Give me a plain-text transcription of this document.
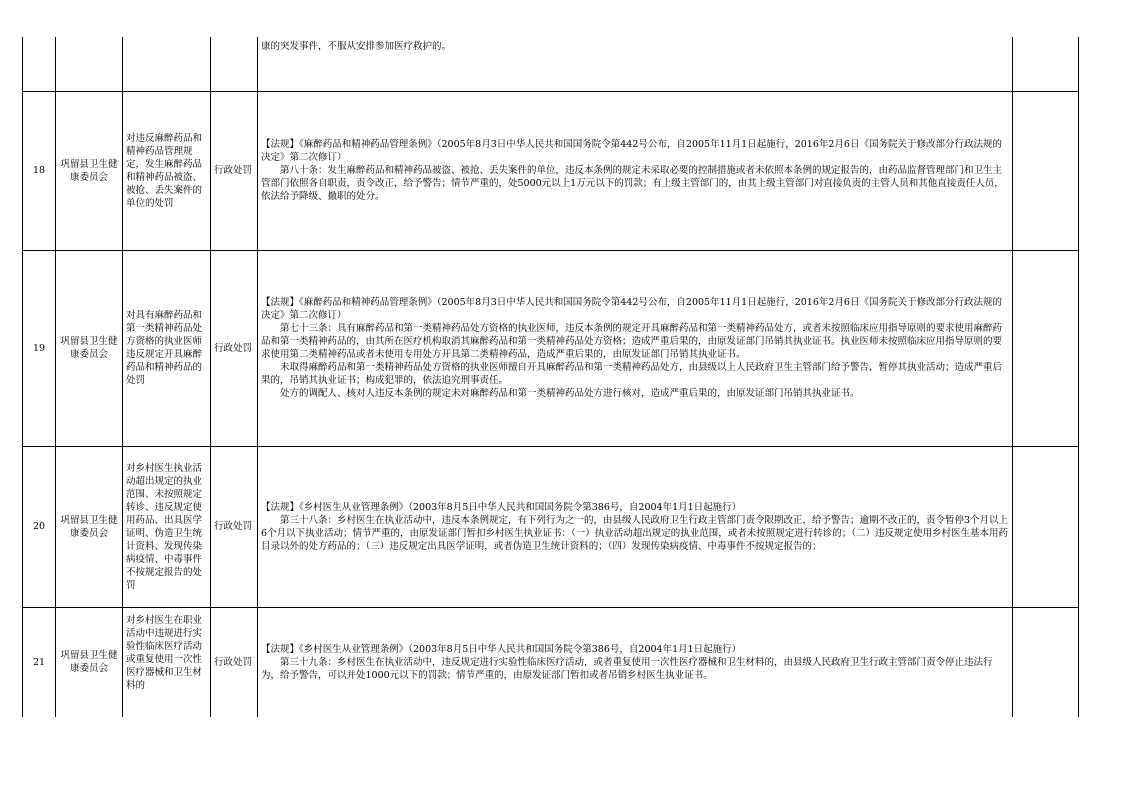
				康的突发事件，不服从安排参加医疗救护的。	

18	巩留县卫生健康委员会	对违反麻醉药品和精神药品管理规定，发生麻醉药品和精神药品被盗、被抢、丢失案件的单位的处罚	行政处罚	【法规】《麻醉药品和精神药品管理条例》（2005年8月3日中华人民共和国国务院令第442号公布，自2005年11月1日起施行，2016年2月6日《国务院关于修改部分行政法规的决定》第二次修订）
第八十条：发生麻醉药品和精神药品被盗、被抢、丢失案件的单位，违反本条例的规定未采取必要的控制措施或者未依照本条例的规定报告的，由药品监督管理部门和卫生主管部门依照各自职责，责令改正，给予警告；情节严重的，处5000元以上1万元以下的罚款；有上级主管部门的，由其上级主管部门对直接负责的主管人员和其他直接责任人员，依法给予降级、撤职的处分。	

19	巩留县卫生健康委员会	对具有麻醉药品和第一类精神药品处方资格的执业医师违反规定开具麻醉药品和精神药品的处罚	行政处罚	【法规】《麻醉药品和精神药品管理条例》（2005年8月3日中华人民共和国国务院令第442号公布，自2005年11月1日起施行，2016年2月6日《国务院关于修改部分行政法规的决定》第二次修订）
第七十三条：具有麻醉药品和第一类精神药品处方资格的执业医师，违反本条例的规定开具麻醉药品和第一类精神药品处方，或者未按照临床应用指导原则的要求使用麻醉药品和第一类精神药品的，由其所在医疗机构取消其麻醉药品和第一类精神药品处方资格；造成严重后果的，由原发证部门吊销其执业证书。执业医师未按照临床应用指导原则的要求使用第二类精神药品或者未使用专用处方开具第二类精神药品，造成严重后果的，由原发证部门吊销其执业证书。
未取得麻醉药品和第一类精神药品处方资格的执业医师擅自开具麻醉药品和第一类精神药品处方，由县级以上人民政府卫生主管部门给予警告，暂停其执业活动；造成严重后果的，吊销其执业证书；构成犯罪的，依法追究刑事责任。
处方的调配人、核对人违反本条例的规定未对麻醉药品和第一类精神药品处方进行核对，造成严重后果的，由原发证部门吊销其执业证书。	

20	巩留县卫生健康委员会	对乡村医生执业活动超出规定的执业范围、未按照规定转诊、违反规定使用药品、出具医学证明、伪造卫生统计资料、发现传染病疫情、中毒事件不按规定报告的处罚	行政处罚	【法规】《乡村医生从业管理条例》（2003年8月5日中华人民共和国国务院令第386号，自2004年1月1日起施行）
第三十八条：乡村医生在执业活动中，违反本条例规定，有下列行为之一的，由县级人民政府卫生行政主管部门责令限期改正，给予警告；逾期不改正的，责令暂停3个月以上6个月以下执业活动；情节严重的，由原发证部门暂扣乡村医生执业证书：（一）执业活动超出规定的执业范围，或者未按照规定进行转诊的；（二）违反规定使用乡村医生基本用药目录以外的处方药品的；（三）违反规定出具医学证明，或者伪造卫生统计资料的；（四）发现传染病疫情、中毒事件不按规定报告的；	

21	巩留县卫生健康委员会	对乡村医生在职业活动中违规进行实验性临床医疗活动或重复使用一次性医疗器械和卫生材料的	行政处罚	【法规】《乡村医生从业管理条例》（2003年8月5日中华人民共和国国务院令第386号，自2004年1月1日起施行）
第三十九条：乡村医生在执业活动中，违反规定进行实验性临床医疗活动，或者重复使用一次性医疗器械和卫生材料的，由县级人民政府卫生行政主管部门责令停止违法行为，给予警告，可以并处1000元以下的罚款；情节严重的，由原发证部门暂扣或者吊销乡村医生执业证书。	
